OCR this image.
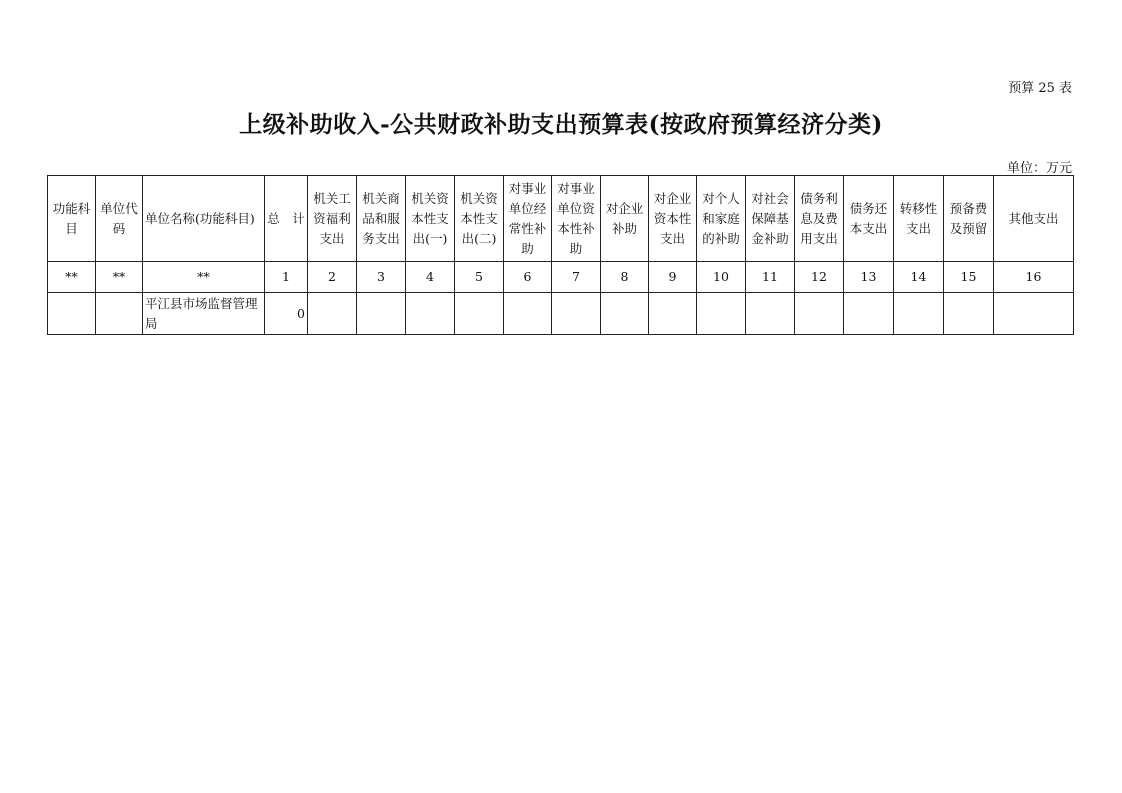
预算 25 表
上级补助收入-公共财政补助支出预算表(按政府预算经济分类)
单位：万元
功能科目	单位代码	单位名称(功能科目)	总　计	机关工资福利支出	机关商品和服务支出	机关资本性支出(一)	机关资本性支出(二)	对事业单位经常性补助	对事业单位资本性补助	对企业补助	对企业资本性支出	对个人和家庭的补助	对社会保障基金补助	债务利息及费用支出	债务还本支出	转移性支出	预备费及预留	其他支出	
**	**	**	1	2	3	4	5	6	7	8	9	10	11	12	13	14	15	16	
		平江县市场监督管理局	0																
